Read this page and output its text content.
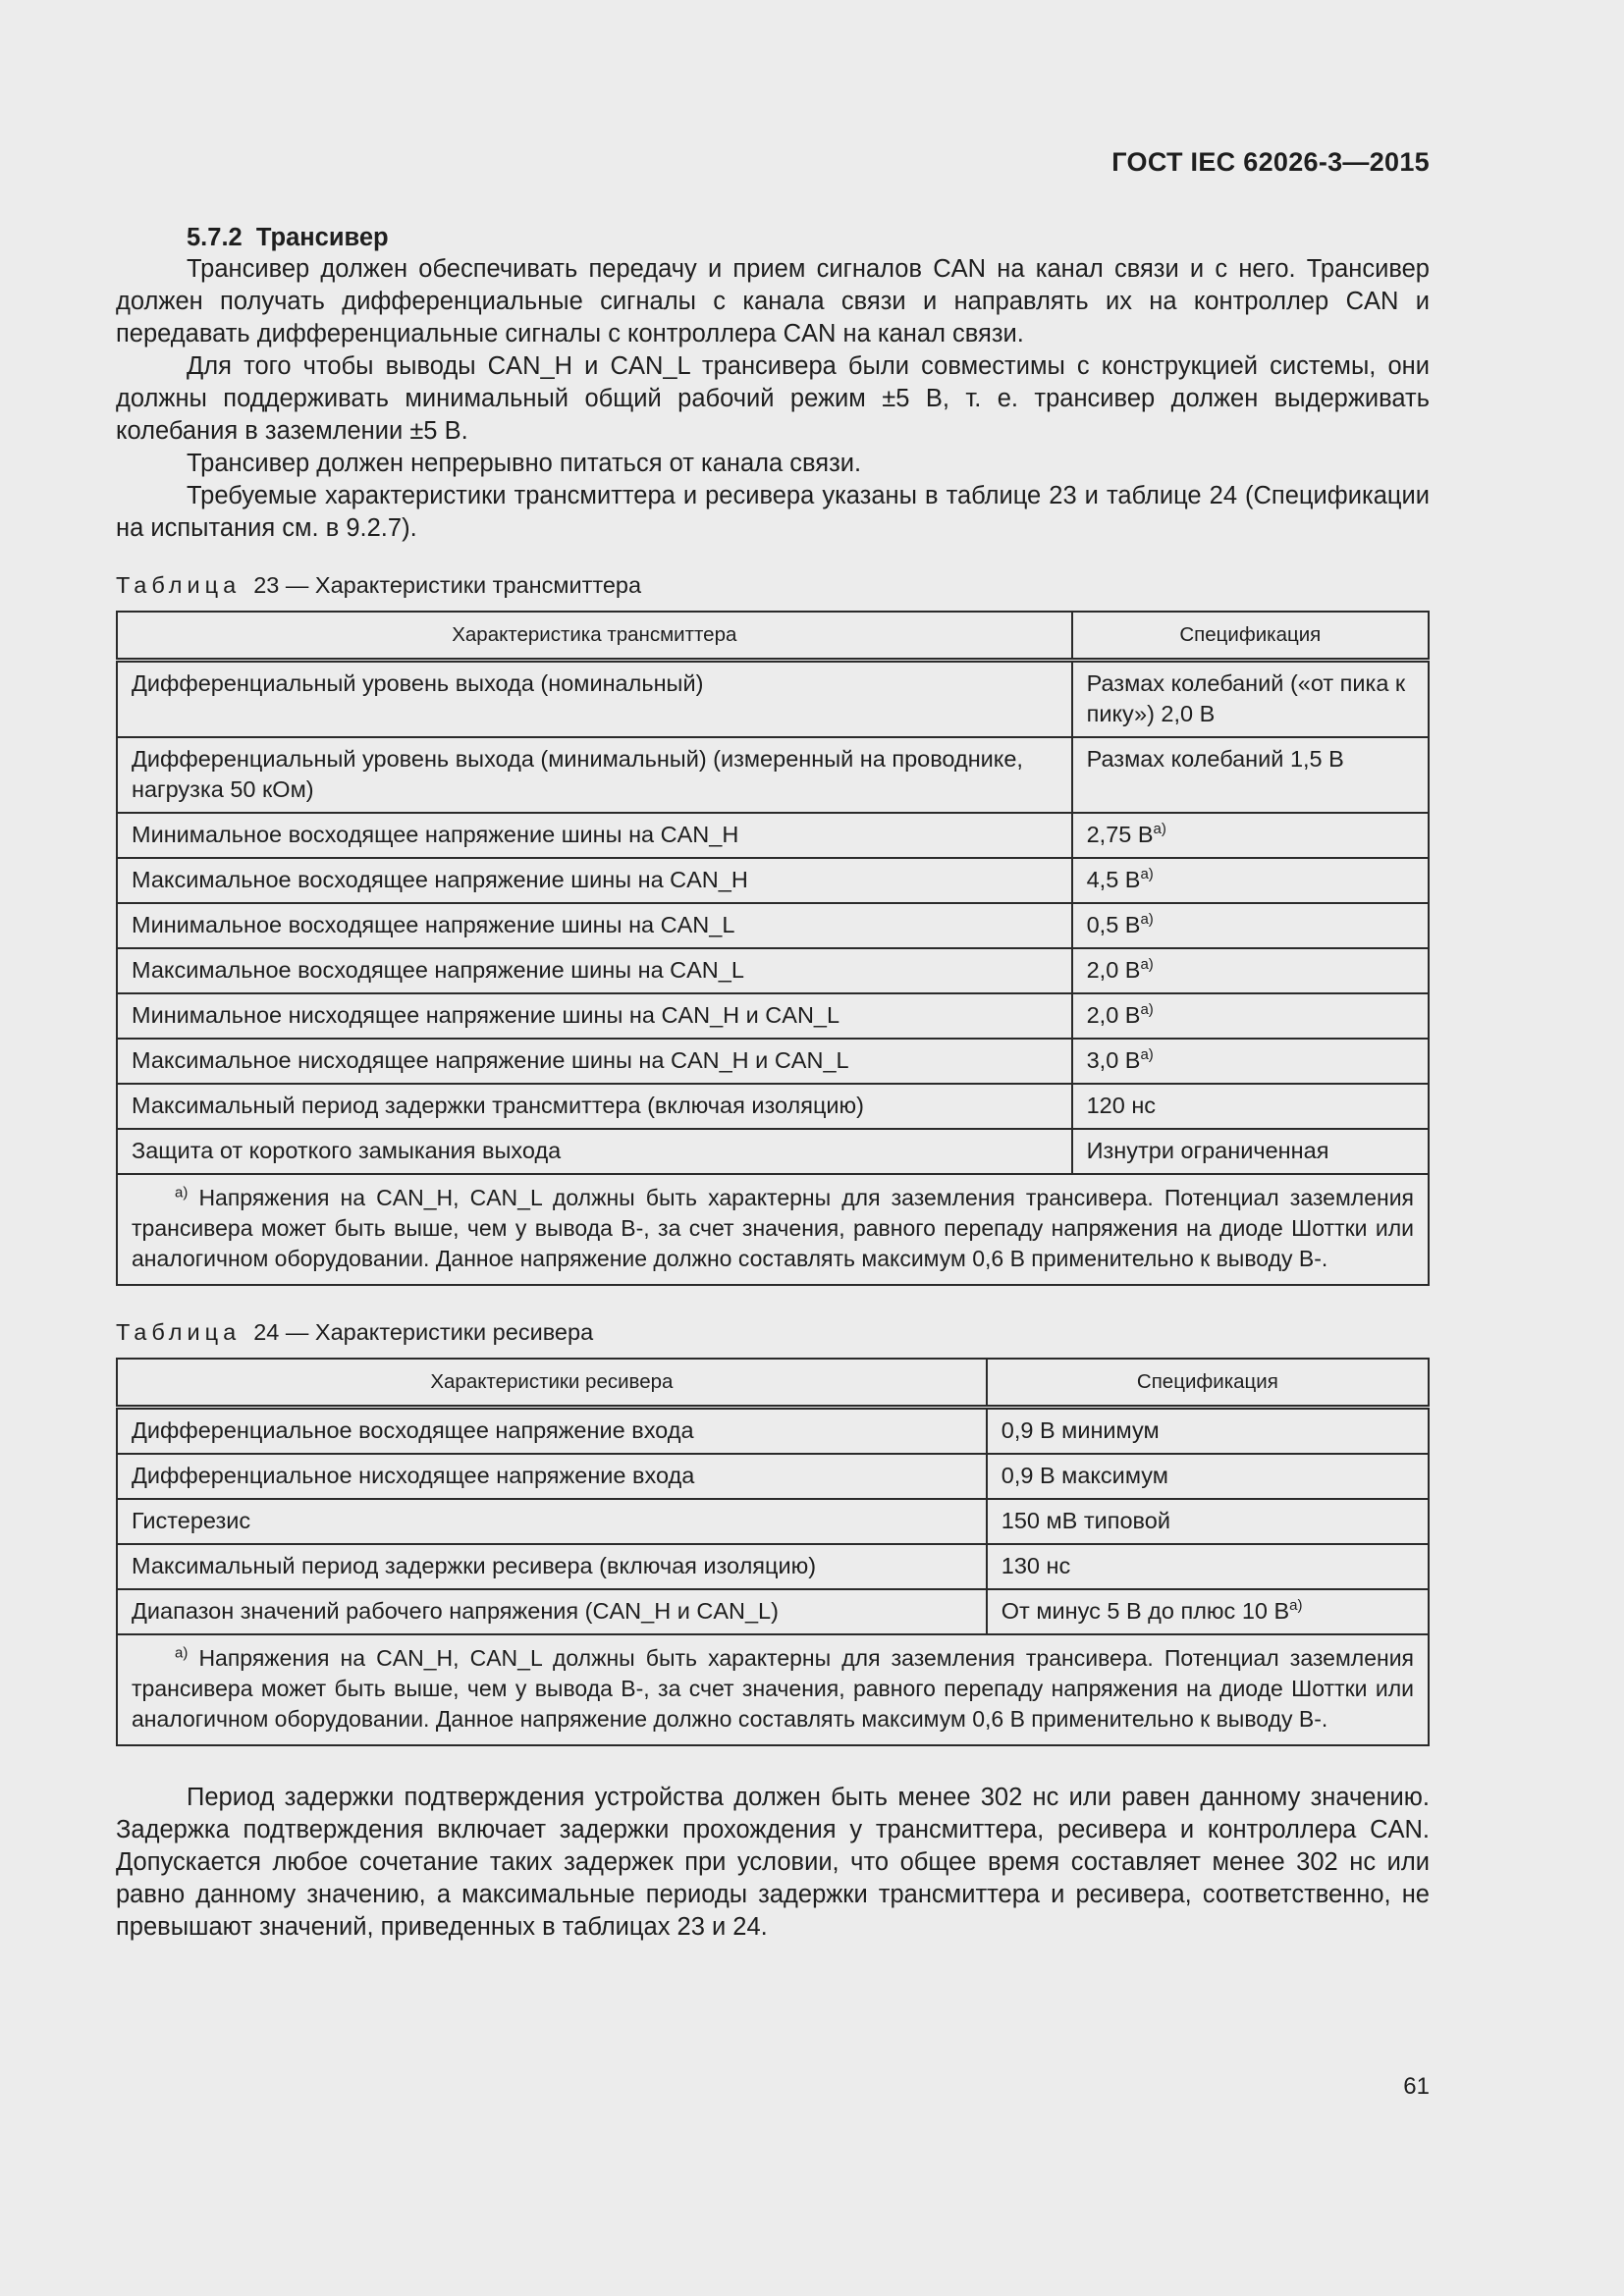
ГОСТ IEC 62026-3—2015
5.7.2 Трансивер

Трансивер должен обеспечивать передачу и прием сигналов CAN на канал связи и с него. Трансивер должен получать дифференциальные сигналы с канала связи и направлять их на контроллер CAN и передавать дифференциальные сигналы с контроллера CAN на канал связи.

Для того чтобы выводы CAN_H и CAN_L трансивера были совместимы с конструкцией системы, они должны поддерживать минимальный общий рабочий режим ±5 В, т. е. трансивер должен выдерживать колебания в заземлении ±5 В.

Трансивер должен непрерывно питаться от канала связи.

Требуемые характеристики трансмиттера и ресивера указаны в таблице 23 и таблице 24 (Спецификации на испытания см. в 9.2.7).

Таблица 23 — Характеристики трансмиттера
Характеристика трансмиттера	Спецификация
Дифференциальный уровень выхода (номинальный)	Размах колебаний («от пика к пику») 2,0 В
Дифференциальный уровень выхода (минимальный) (измеренный на проводнике, нагрузка 50 кОм)	Размах колебаний 1,5 В
Минимальное восходящее напряжение шины на CAN_H	2,75 $В^{a)}$
Максимальное восходящее напряжение шины на CAN_H	4,5 $В^{a)}$
Минимальное восходящее напряжение шины на CAN_L	0,5 $В^{a)}$
Максимальное восходящее напряжение шины на CAN_L	2,0 $В^{a)}$
Минимальное нисходящее напряжение шины на CAN_H и CAN_L	2,0 $В^{a)}$
Максимальное нисходящее напряжение шины на CAN_H и CAN_L	3,0 $В^{a)}$
Максимальный период задержки трансмиттера (включая изоляцию)	120 нс
Защита от короткого замыкания выхода	Изнутри ограниченная
$^{a)}$ Напряжения на CAN_H, CAN_L должны быть характерны для заземления трансивера. Потенциал заземления трансивера может быть выше, чем у вывода B-, за счет значения, равного перепаду напряжения на диоде Шоттки или аналогичном оборудовании. Данное напряжение должно составлять максимум 0,6 В применительно к выводу B-.	
Таблица 24 — Характеристики ресивера
Характеристики ресивера	Спецификация
Дифференциальное восходящее напряжение входа	0,9 В минимум
Дифференциальное нисходящее напряжение входа	0,9 В максимум
Гистерезис	150 мВ типовой
Максимальный период задержки ресивера (включая изоляцию)	130 нс
Диапазон значений рабочего напряжения (CAN_H и CAN_L)	От минус 5 В до плюс 10 $В^{a)}$
$^{a)}$ Напряжения на CAN_H, CAN_L должны быть характерны для заземления трансивера. Потенциал заземления трансивера может быть выше, чем у вывода B-, за счет значения, равного перепаду напряжения на диоде Шоттки или аналогичном оборудовании. Данное напряжение должно составлять максимум 0,6 В применительно к выводу B-.	

Период задержки подтверждения устройства должен быть менее 302 нс или равен данному значению. Задержка подтверждения включает задержки прохождения у трансмиттера, ресивера и контроллера CAN. Допускается любое сочетание таких задержек при условии, что общее время составляет менее 302 нс или равно данному значению, а максимальные периоды задержки трансмиттера и ресивера, соответственно, не превышают значений, приведенных в таблицах 23 и 24.

61
